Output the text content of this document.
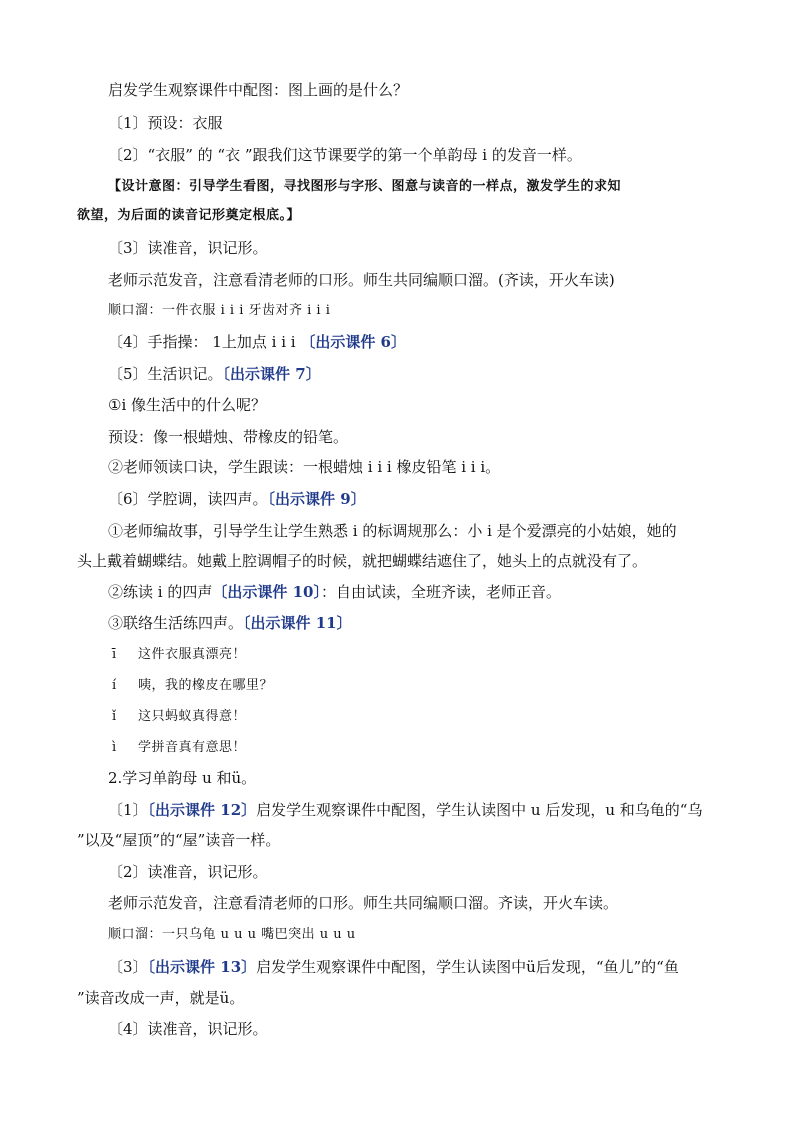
启发学生观察课件中配图：图上画的是什么？
〔1〕预设：衣服
〔2〕“衣服” 的 “衣 ”跟我们这节课要学的第一个单韵母 i 的发音一样。
【设计意图：引导学生看图，寻找图形与字形、图意与读音的一样点，激发学生的求知
欲望，为后面的读音记形奠定根底。】
〔3〕读准音，识记形。
老师示范发音，注意看清老师的口形。师生共同编顺口溜。(齐读，开火车读)
顺口溜：一件衣服 i i i 牙齿对齐 i i i
〔4〕手指操： 1上加点 i i i 〔出示课件 6〕
〔5〕生活识记。〔出示课件 7〕
①i 像生活中的什么呢？
预设：像一根蜡烛、带橡皮的铅笔。
②老师领读口诀，学生跟读：一根蜡烛 i i i 橡皮铅笔 i i i。
〔6〕学腔调，读四声。〔出示课件 9〕
①老师编故事，引导学生让学生熟悉 i 的标调规那么：小 i 是个爱漂亮的小姑娘，她的
头上戴着蝴蝶结。她戴上腔调帽子的时候，就把蝴蝶结遮住了，她头上的点就没有了。
②练读 i 的四声〔出示课件 10〕：自由试读，全班齐读，老师正音。
③联络生活练四声。〔出示课件 11〕
ī 这件衣服真漂亮！
í 咦，我的橡皮在哪里？
ǐ 这只蚂蚁真得意！
ì 学拼音真有意思！
2.学习单韵母 u 和ü。
〔1〕〔出示课件 12〕启发学生观察课件中配图，学生认读图中 u 后发现，u 和乌龟的“乌
”以及“屋顶”的“屋”读音一样。
〔2〕读准音，识记形。
老师示范发音，注意看清老师的口形。师生共同编顺口溜。齐读，开火车读。
顺口溜：一只乌龟 u u u 嘴巴突出 u u u
〔3〕〔出示课件 13〕启发学生观察课件中配图，学生认读图中ü后发现，“鱼儿”的“鱼
”读音改成一声，就是ü。
〔4〕读准音，识记形。
